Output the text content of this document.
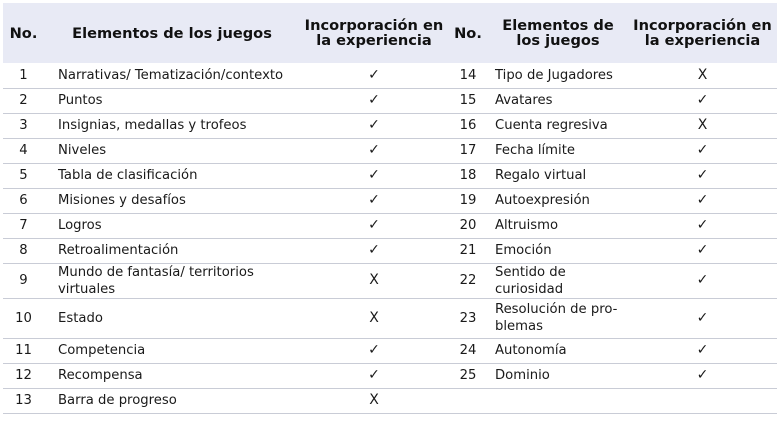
No.	Elementos de los juegos	Incorporación en la experiencia	No.	Elementos de los juegos	Incorporación en la experiencia
1	Narrativas/ Tematización/contexto	✓	14	Tipo de Jugadores	X
2	Puntos	✓	15	Avatares	✓
3	Insignias, medallas y trofeos	✓	16	Cuenta regresiva	X
4	Niveles	✓	17	Fecha límite	✓
5	Tabla de clasificación	✓	18	Regalo virtual	✓
6	Misiones y desafíos	✓	19	Autoexpresión	✓
7	Logros	✓	20	Altruismo	✓
8	Retroalimentación	✓	21	Emoción	✓
9	Mundo de fantasía/ territorios virtuales	X	22	Sentido de curiosidad	✓
10	Estado	X	23	Resolución de pro-blemas	✓
11	Competencia	✓	24	Autonomía	✓
12	Recompensa	✓	25	Dominio	✓
13	Barra de progreso	X		
